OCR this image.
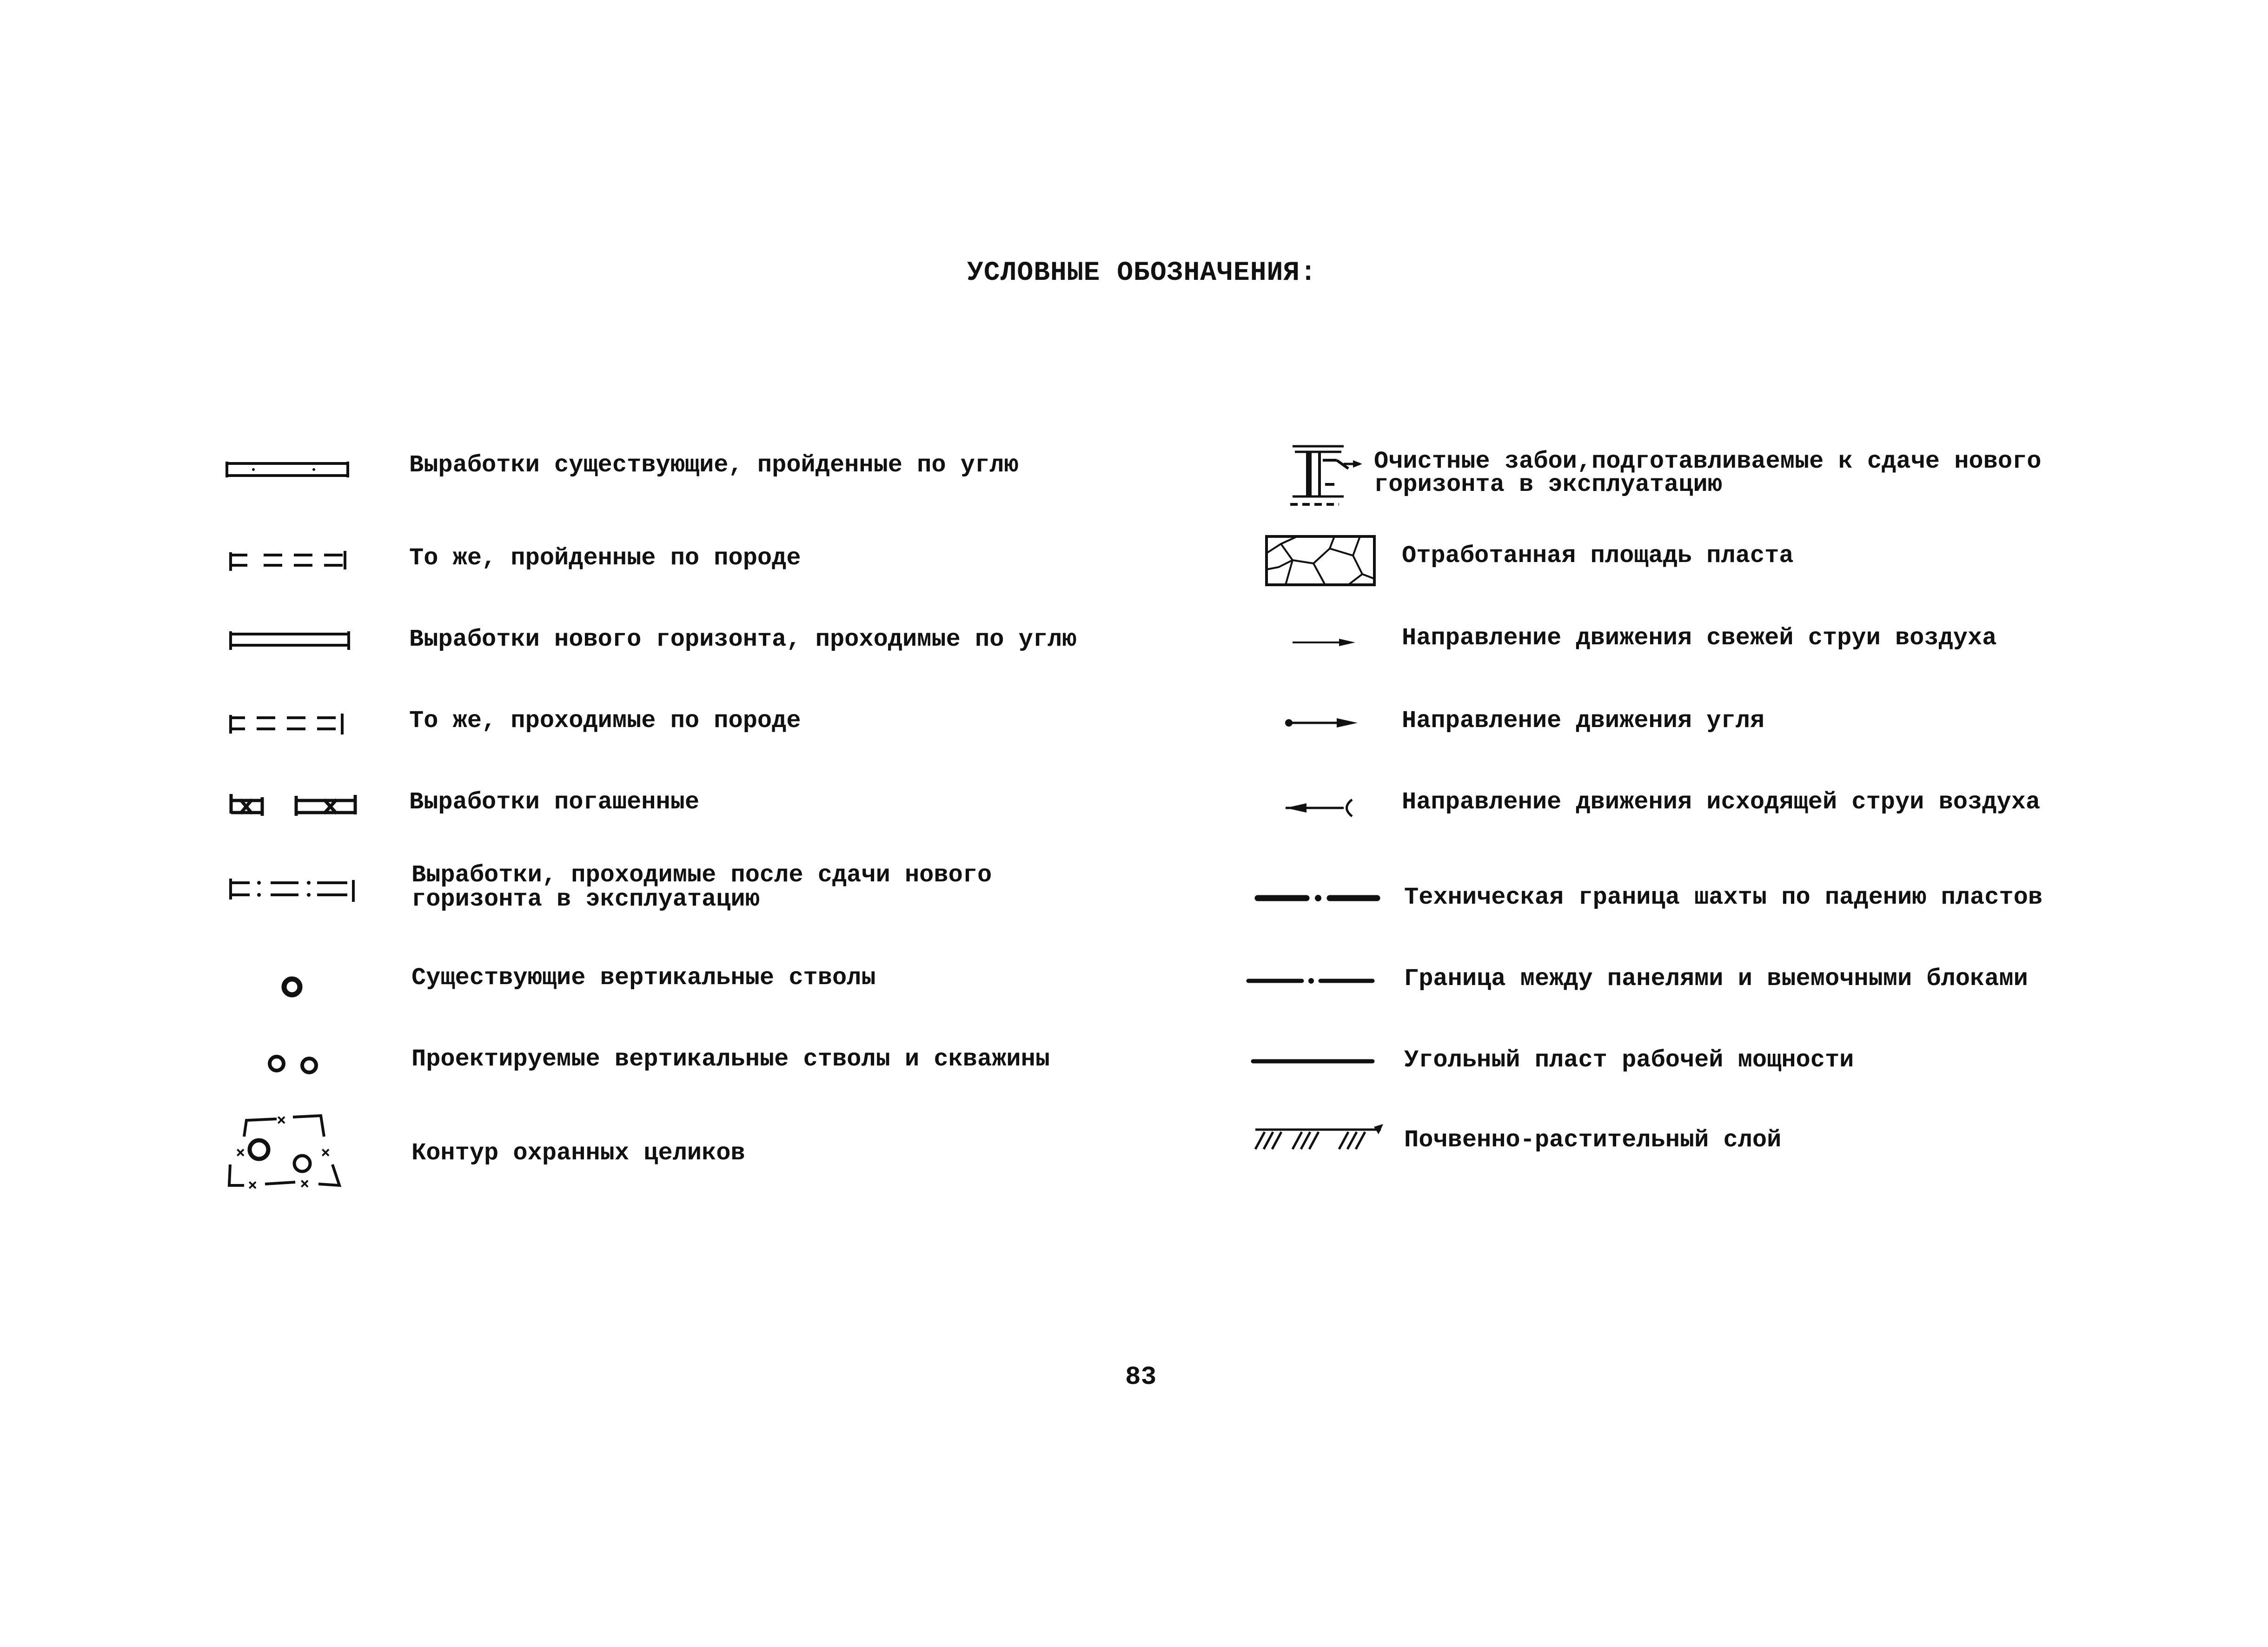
УСЛОВНЫЕ ОБОЗНАЧЕНИЯ:
Выработки существующие, пройденные по углю
То же, пройденные по породе
Выработки нового горизонта, проходимые по углю
То же, проходимые по породе
Выработки погашенные
Выработки, проходимые после сдачи нового
горизонта в эксплуатацию
Существующие вертикальные стволы
Проектируемые вертикальные стволы и скважины
×
×	×
×	×
Контур охранных целиков
Очистные забои,подготавливаемые к сдаче нового
горизонта в эксплуатацию
Отработанная площадь пласта
Направление движения свежей струи воздуха
Направление движения угля
Направление движения исходящей струи воздуха
Техническая граница шахты по падению пластов
Граница между панелями и выемочными блоками
Угольный пласт рабочей мощности
Почвенно-растительный слой
83
